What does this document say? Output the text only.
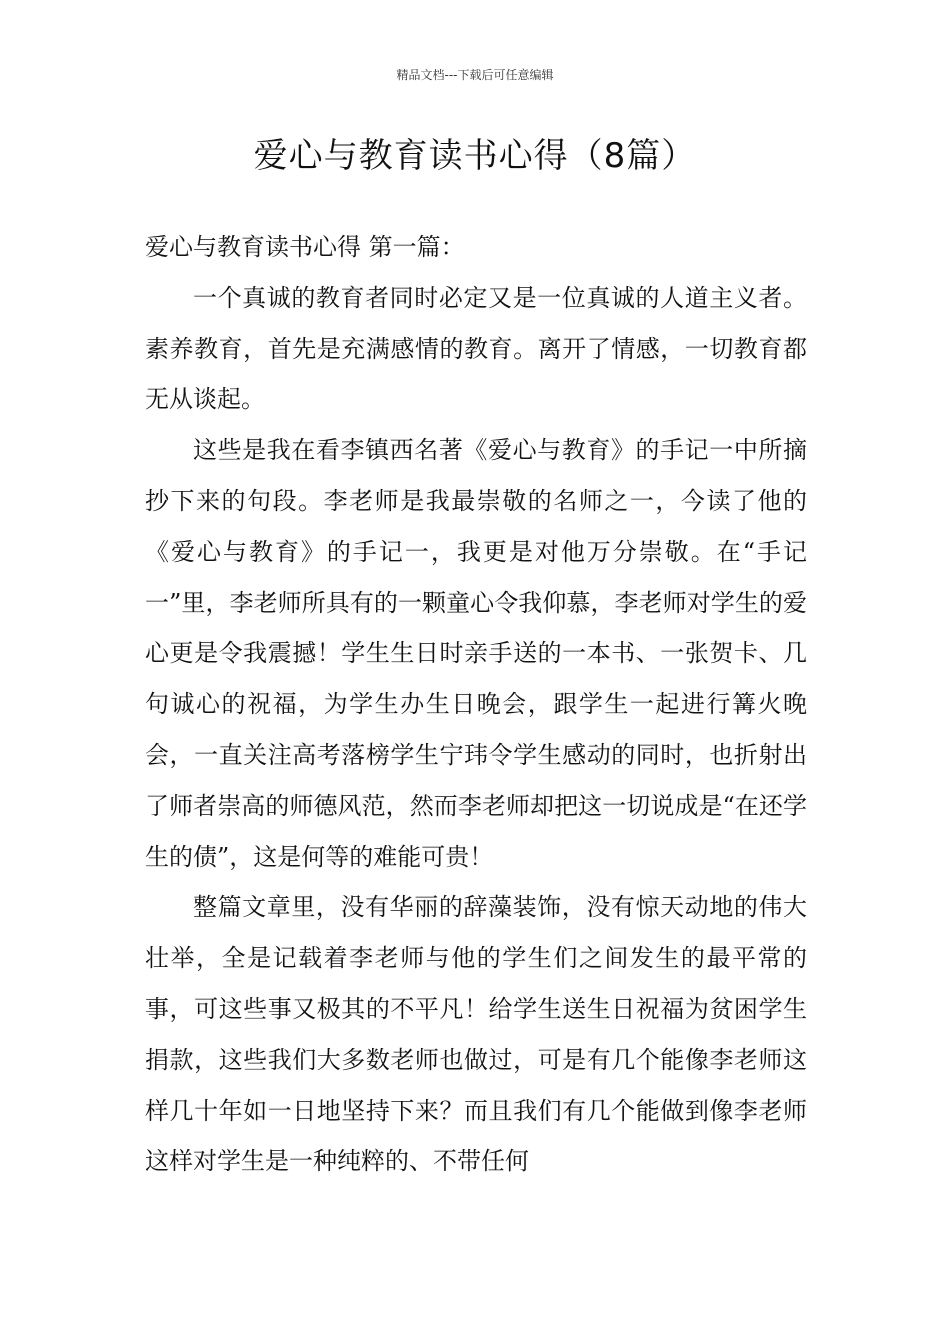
精品文档---下载后可任意编辑
爱心与教育读书心得（8篇）

爱心与教育读书心得 第一篇：

一个真诚的教育者同时必定又是一位真诚的人道主义者。素养教育，首先是充满感情的教育。离开了情感，一切教育都无从谈起。

这些是我在看李镇西名著《爱心与教育》的手记一中所摘抄下来的句段。李老师是我最崇敬的名师之一，今读了他的《爱心与教育》的手记一，我更是对他万分崇敬。在“手记一”里，李老师所具有的一颗童心令我仰慕，李老师对学生的爱心更是令我震撼！学生生日时亲手送的一本书、一张贺卡、几句诚心的祝福，为学生办生日晚会，跟学生一起进行篝火晚会，一直关注高考落榜学生宁玮令学生感动的同时，也折射出了师者崇高的师德风范，然而李老师却把这一切说成是“在还学生的债”，这是何等的难能可贵！

整篇文章里，没有华丽的辞藻装饰，没有惊天动地的伟大壮举，全是记载着李老师与他的学生们之间发生的最平常的事，可这些事又极其的不平凡！给学生送生日祝福为贫困学生捐款，这些我们大多数老师也做过，可是有几个能像李老师这样几十年如一日地坚持下来？而且我们有几个能做到像李老师这样对学生是一种纯粹的、不带任何
